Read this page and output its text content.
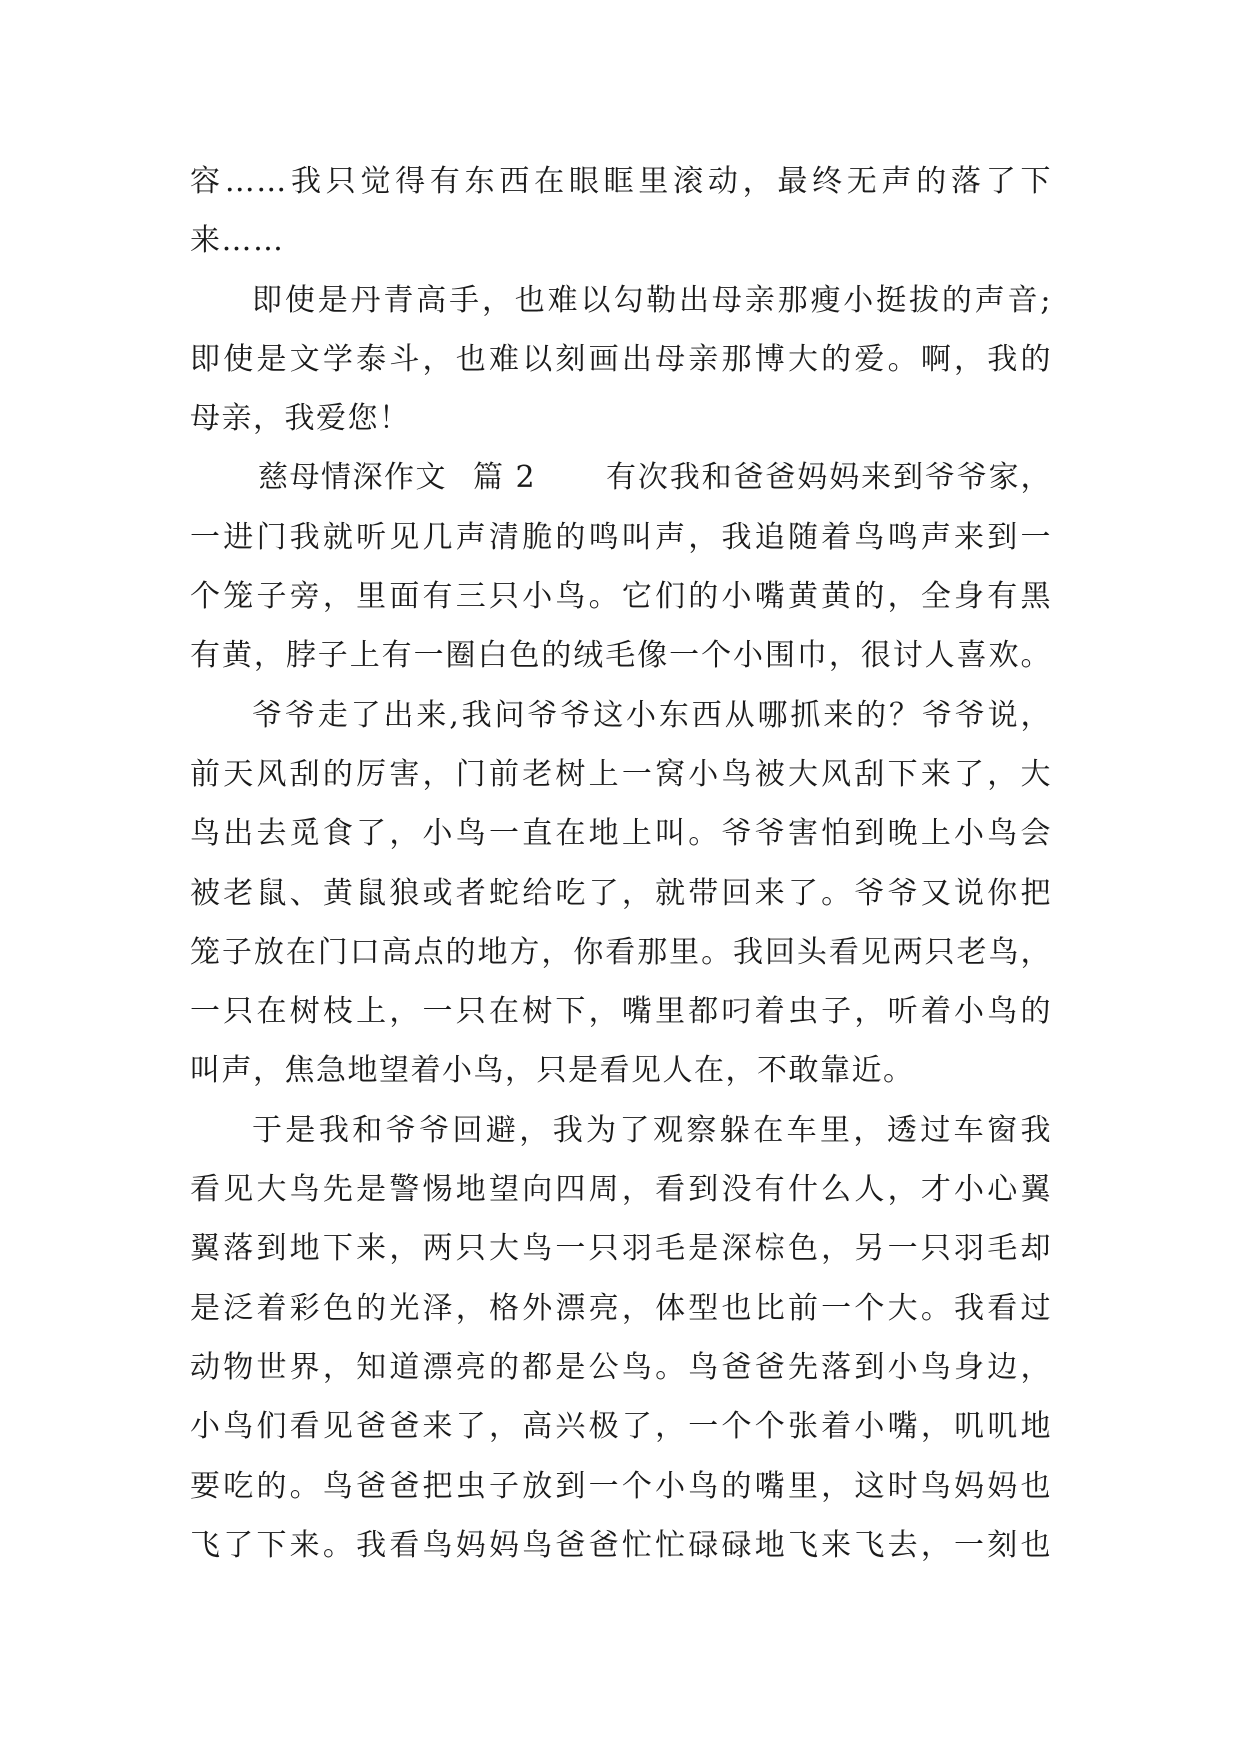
容……我只觉得有东西在眼眶里滚动，最终无声的落了下
来……
即使是丹青高手，也难以勾勒出母亲那瘦小挺拔的声音;
即使是文学泰斗，也难以刻画出母亲那博大的爱。啊，我的
母亲，我爱您！
慈母情深作文 篇 2 有次我和爸爸妈妈来到爷爷家，
一进门我就听见几声清脆的鸣叫声，我追随着鸟鸣声来到一
个笼子旁，里面有三只小鸟。它们的小嘴黄黄的，全身有黑
有黄，脖子上有一圈白色的绒毛像一个小围巾，很讨人喜欢。
爷爷走了出来,我问爷爷这小东西从哪抓来的？爷爷说，
前天风刮的厉害，门前老树上一窝小鸟被大风刮下来了，大
鸟出去觅食了，小鸟一直在地上叫。爷爷害怕到晚上小鸟会
被老鼠、黄鼠狼或者蛇给吃了，就带回来了。爷爷又说你把
笼子放在门口高点的地方，你看那里。我回头看见两只老鸟，
一只在树枝上，一只在树下，嘴里都叼着虫子，听着小鸟的
叫声，焦急地望着小鸟，只是看见人在，不敢靠近。
于是我和爷爷回避，我为了观察躲在车里，透过车窗我
看见大鸟先是警惕地望向四周，看到没有什么人，才小心翼
翼落到地下来，两只大鸟一只羽毛是深棕色，另一只羽毛却
是泛着彩色的光泽，格外漂亮，体型也比前一个大。我看过
动物世界，知道漂亮的都是公鸟。鸟爸爸先落到小鸟身边，
小鸟们看见爸爸来了，高兴极了，一个个张着小嘴，叽叽地
要吃的。鸟爸爸把虫子放到一个小鸟的嘴里，这时鸟妈妈也
飞了下来。我看鸟妈妈鸟爸爸忙忙碌碌地飞来飞去，一刻也
